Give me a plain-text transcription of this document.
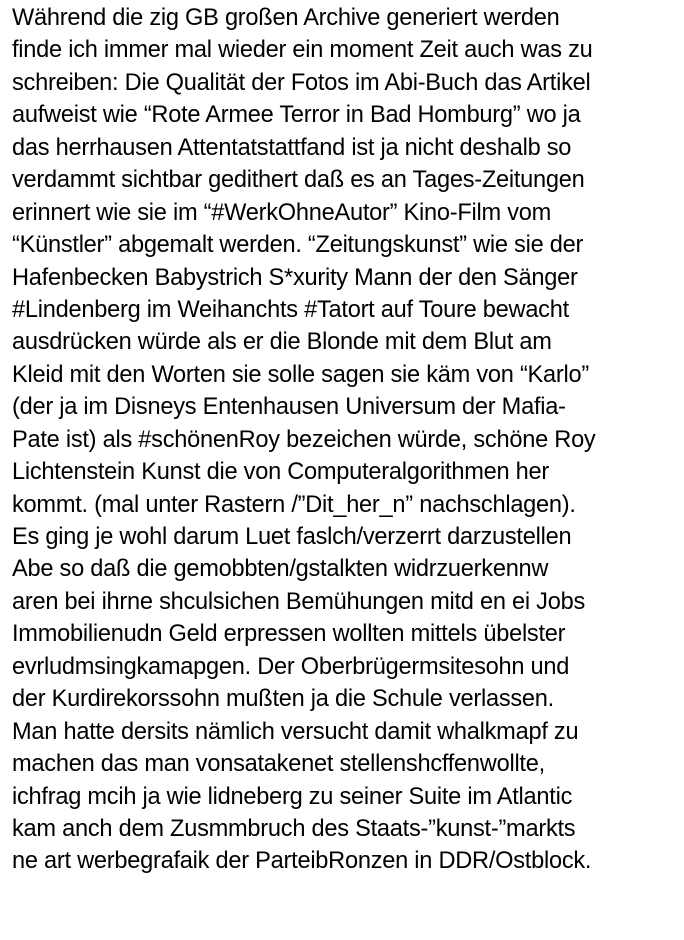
Während die zig GB großen Archive generiert werden
finde ich immer mal wieder ein moment Zeit auch was zu
schreiben: Die Qualität der Fotos im Abi-Buch das Artikel
aufweist wie “Rote Armee Terror in Bad Homburg” wo ja
das herrhausen Attentatstattfand ist ja nicht deshalb so
verdammt sichtbar gedithert daß es an Tages-Zeitungen
erinnert wie sie im “#WerkOhneAutor” Kino-Film vom
“Künstler” abgemalt werden. “Zeitungskunst” wie sie der
Hafenbecken Babystrich S*xurity Mann der den Sänger
#Lindenberg im Weihanchts #Tatort auf Toure bewacht
ausdrücken würde als er die Blonde mit dem Blut am
Kleid mit den Worten sie solle sagen sie käm von “Karlo”
(der ja im Disneys Entenhausen Universum der Mafia-
Pate ist) als #schönenRoy bezeichen würde, schöne Roy
Lichtenstein Kunst die von Computeralgorithmen her
kommt. (mal unter Rastern /”Dit_her_n” nachschlagen).
Es ging je wohl darum Luet faslch/verzerrt darzustellen
Abe so daß die gemobbten/gstalkten widrzuerkennw
aren bei ihrne shculsichen Bemühungen mitd en ei Jobs
Immobilienudn Geld erpressen wollten mittels übelster
evrludmsingkamapgen. Der Oberbrügermsitesohn und
der Kurdirekorssohn mußten ja die Schule verlassen.
Man hatte dersits nämlich versucht damit whalkmapf zu
machen das man vonsatakenet stellenshcffenwollte,
ichfrag mcih ja wie lidneberg zu seiner Suite im Atlantic
kam anch dem Zusmmbruch des Staats-”kunst-”markts
ne art werbegrafaik der ParteibRonzen in DDR/Ostblock.
